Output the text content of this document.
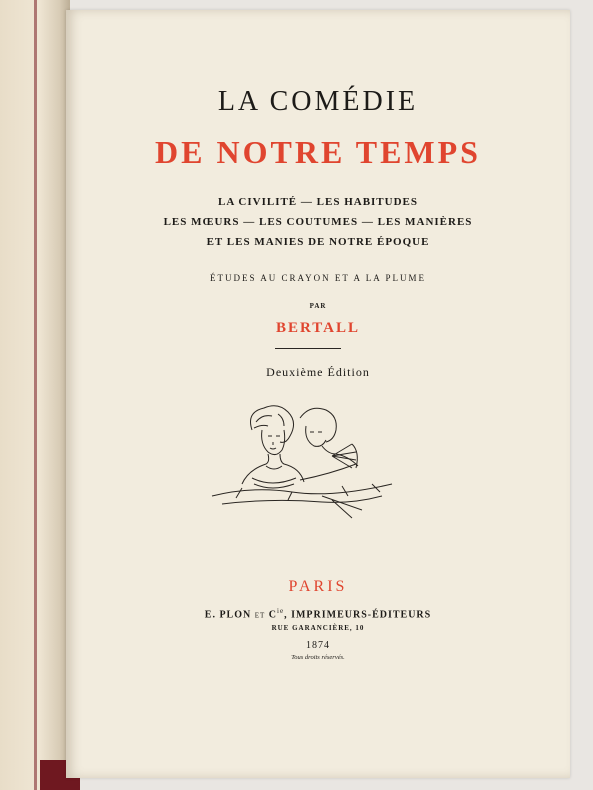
LA COMÉDIE
DE NOTRE TEMPS
LA CIVILITÉ — LES HABITUDES
LES MŒURS — LES COUTUMES — LES MANIÈRES
ET LES MANIES DE NOTRE ÉPOQUE
ÉTUDES AU CRAYON ET A LA PLUME
PAR
BERTALL
Deuxième Édition
PARIS
E. PLON ET $C^{ie}$, IMPRIMEURS-ÉDITEURS
RUE GARANCIÈRE, 10
1874
Tous droits réservés.
